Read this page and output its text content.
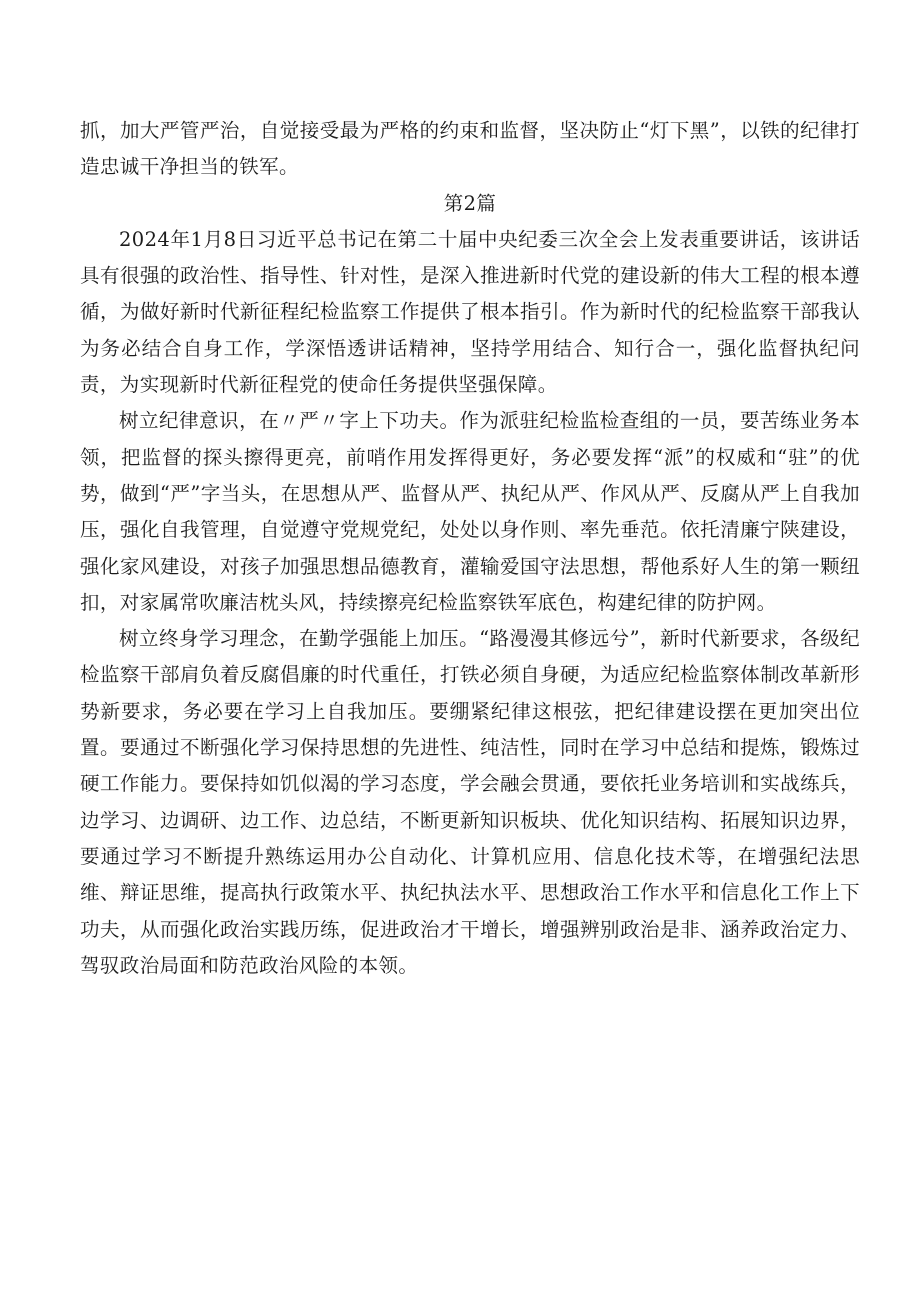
抓，加大严管严治，自觉接受最为严格的约束和监督，坚决防止“灯下黑”，以铁的纪律打造忠诚干净担当的铁军。

第2篇

2024年1月8日习近平总书记在第二十届中央纪委三次全会上发表重要讲话，该讲话具有很强的政治性、指导性、针对性，是深入推进新时代党的建设新的伟大工程的根本遵循，为做好新时代新征程纪检监察工作提供了根本指引。作为新时代的纪检监察干部我认为务必结合自身工作，学深悟透讲话精神，坚持学用结合、知行合一，强化监督执纪问责，为实现新时代新征程党的使命任务提供坚强保障。

树立纪律意识，在〃严〃字上下功夫。作为派驻纪检监检查组的一员，要苦练业务本领，把监督的探头擦得更亮，前哨作用发挥得更好，务必要发挥“派”的权威和“驻”的优势，做到“严”字当头，在思想从严、监督从严、执纪从严、作风从严、反腐从严上自我加压，强化自我管理，自觉遵守党规党纪，处处以身作则、率先垂范。依托清廉宁陕建设，强化家风建设，对孩子加强思想品德教育，灌输爱国守法思想，帮他系好人生的第一颗纽扣，对家属常吹廉洁枕头风，持续擦亮纪检监察铁军底色，构建纪律的防护网。

树立终身学习理念，在勤学强能上加压。“路漫漫其修远兮”，新时代新要求，各级纪检监察干部肩负着反腐倡廉的时代重任，打铁必须自身硬，为适应纪检监察体制改革新形势新要求，务必要在学习上自我加压。要绷紧纪律这根弦，把纪律建设摆在更加突出位置。要通过不断强化学习保持思想的先进性、纯洁性，同时在学习中总结和提炼，锻炼过硬工作能力。要保持如饥似渴的学习态度，学会融会贯通，要依托业务培训和实战练兵，边学习、边调研、边工作、边总结，不断更新知识板块、优化知识结构、拓展知识边界，要通过学习不断提升熟练运用办公自动化、计算机应用、信息化技术等，在增强纪法思维、辩证思维，提高执行政策水平、执纪执法水平、思想政治工作水平和信息化工作上下功夫，从而强化政治实践历练，促进政治才干增长，增强辨别政治是非、涵养政治定力、驾驭政治局面和防范政治风险的本领。
